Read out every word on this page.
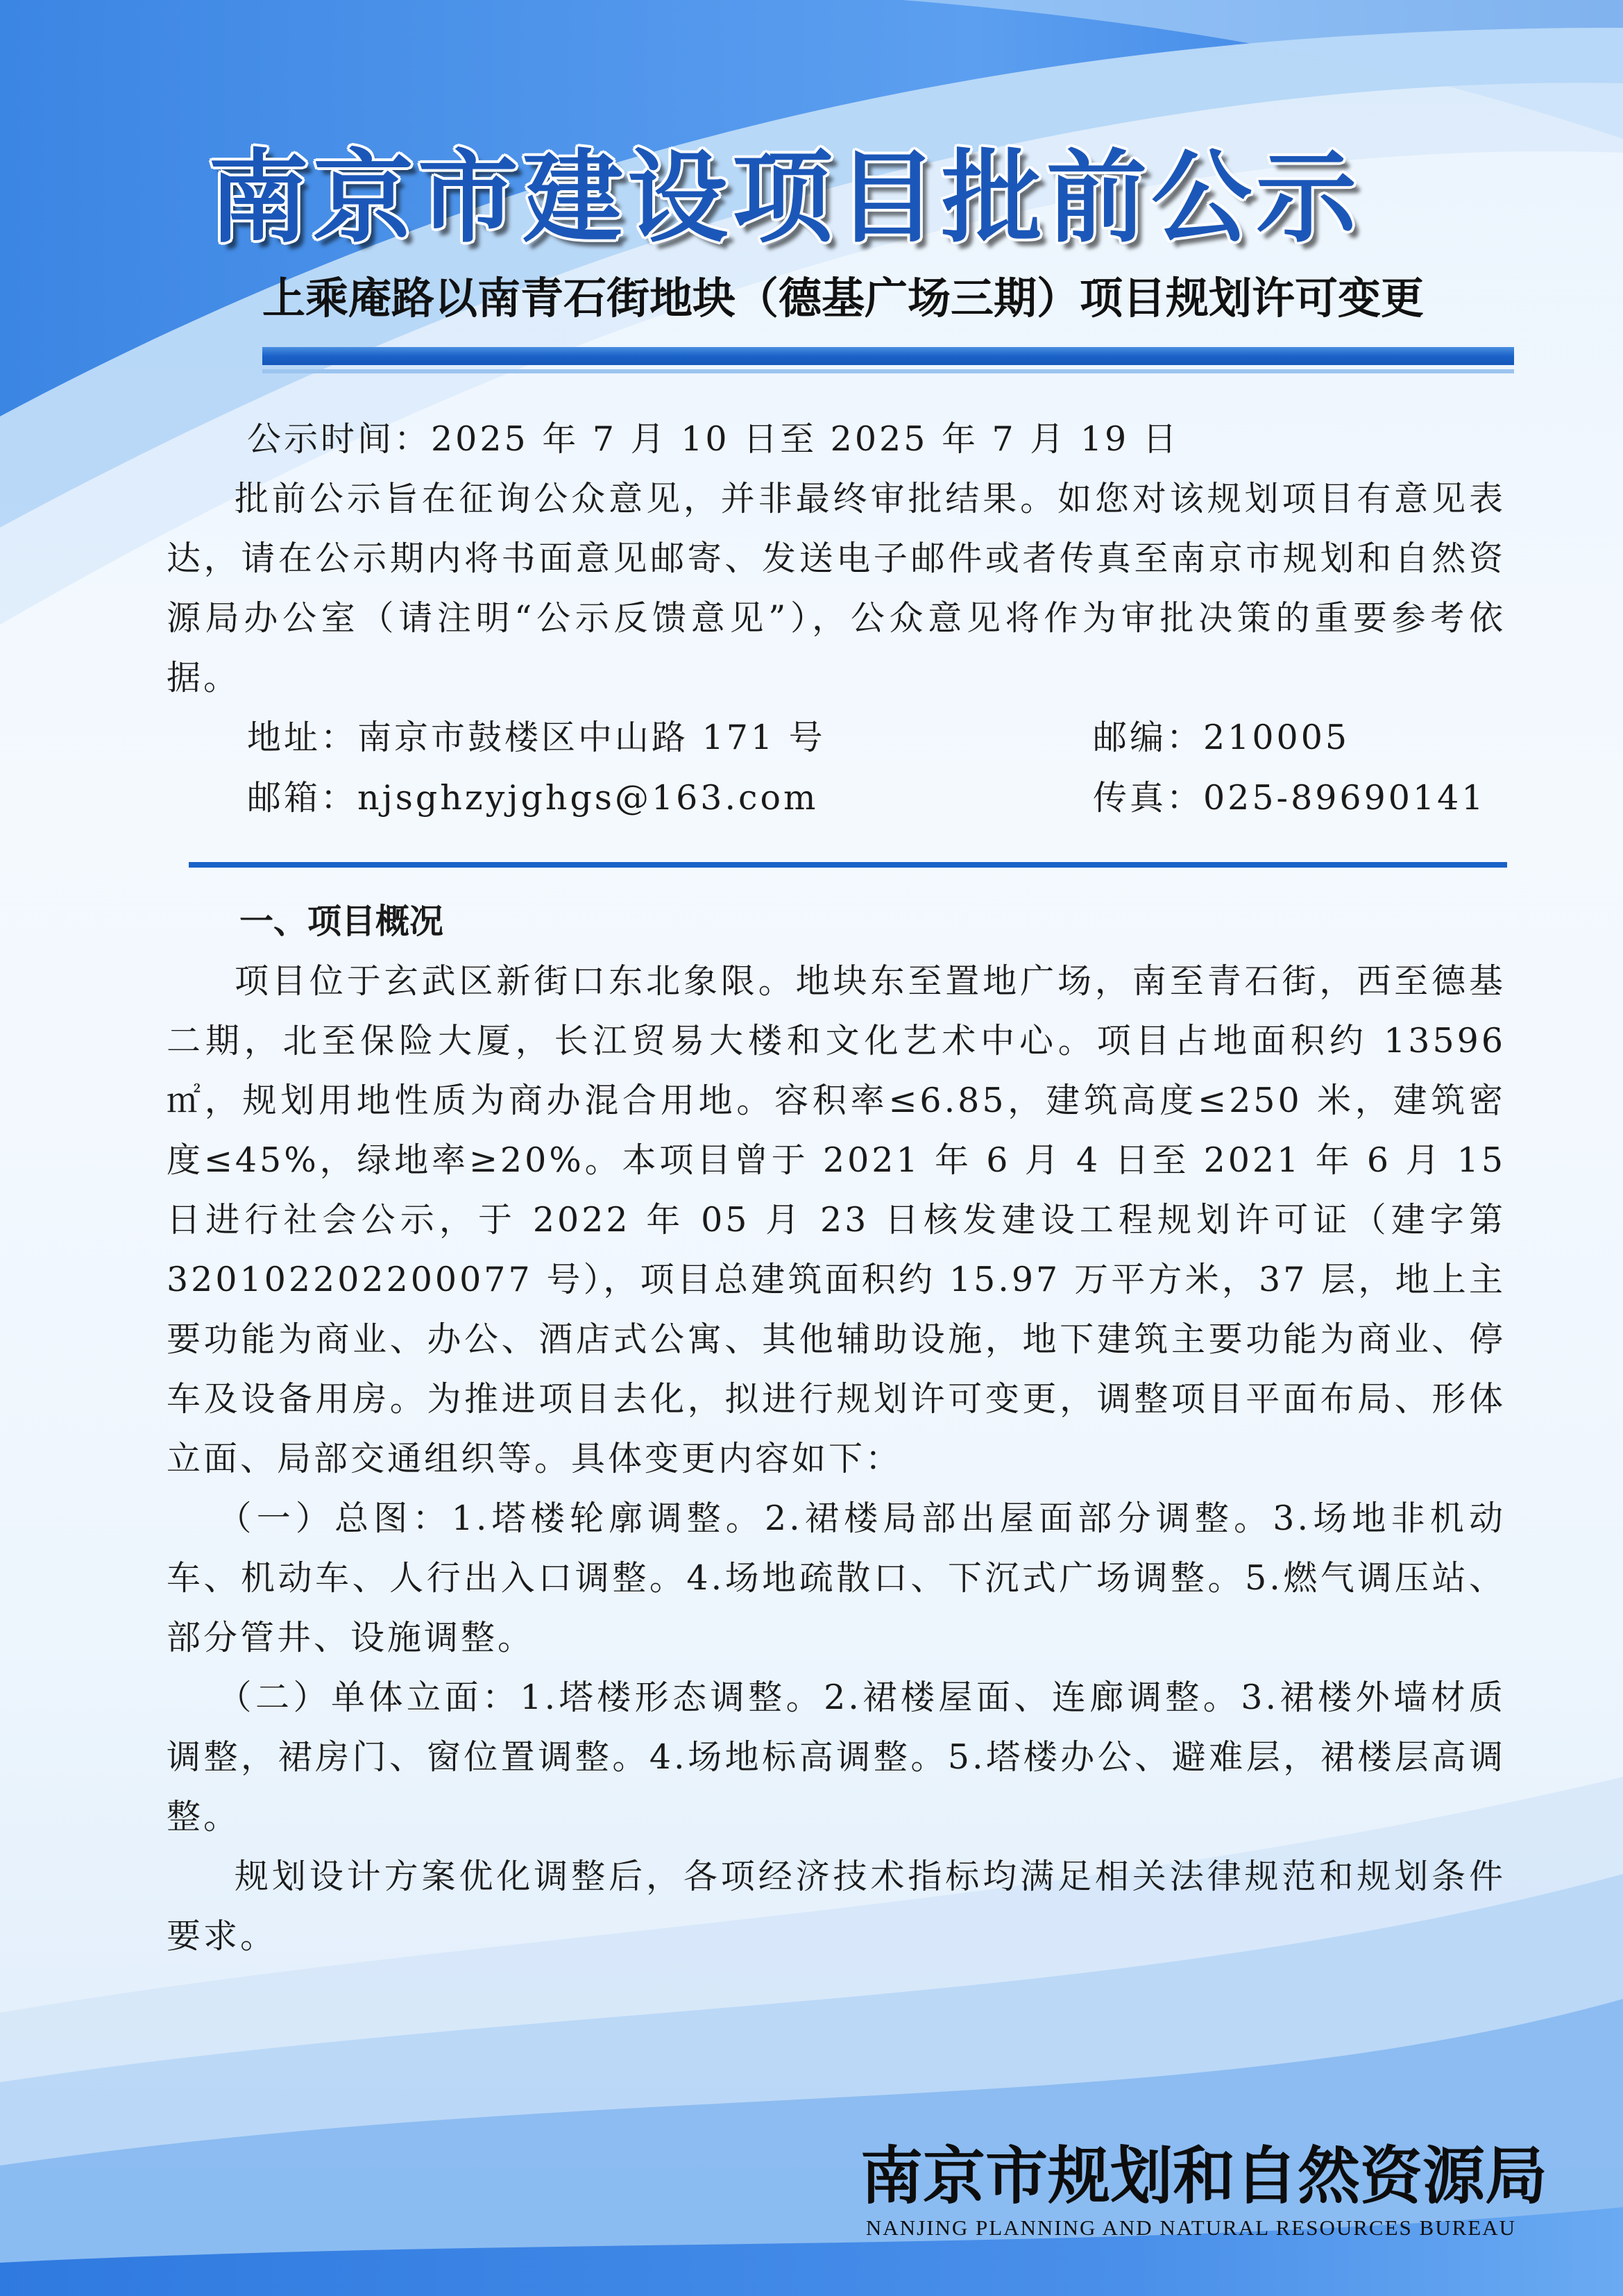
南京市建设项目批前公示
上乘庵路以南青石街地块（德基广场三期）项目规划许可变更

公示时间：2025 年 7 月 10 日至 2025 年 7 月 19 日

批前公示旨在征询公众意见，并非最终审批结果。如您对该规划项目有意见表达，请在公示期内将书面意见邮寄、发送电子邮件或者传真至南京市规划和自然资源局办公室（请注明“公示反馈意见”），公众意见将作为审批决策的重要参考依据。

地址：南京市鼓楼区中山路 171 号	邮编：210005

邮箱：njsghzyjghgs@163.com	传真：025-89690141

一、项目概况

项目位于玄武区新街口东北象限。地块东至置地广场，南至青石街，西至德基二期，北至保险大厦，长江贸易大楼和文化艺术中心。项目占地面积约 13596 ㎡，规划用地性质为商办混合用地。容积率≤6.85，建筑高度≤250 米，建筑密度≤45%，绿地率≥20%。本项目曾于 2021 年 6 月 4 日至 2021 年 6 月 15 日进行社会公示，于 2022 年 05 月 23 日核发建设工程规划许可证（建字第 320102202200077 号），项目总建筑面积约 15.97 万平方米，37 层，地上主要功能为商业、办公、酒店式公寓、其他辅助设施，地下建筑主要功能为商业、停车及设备用房。为推进项目去化，拟进行规划许可变更，调整项目平面布局、形体立面、局部交通组织等。具体变更内容如下：

（一）总图：1.塔楼轮廓调整。2.裙楼局部出屋面部分调整。3.场地非机动车、机动车、人行出入口调整。4.场地疏散口、下沉式广场调整。5.燃气调压站、部分管井、设施调整。

（二）单体立面：1.塔楼形态调整。2.裙楼屋面、连廊调整。3.裙楼外墙材质调整，裙房门、窗位置调整。4.场地标高调整。5.塔楼办公、避难层，裙楼层高调整。

规划设计方案优化调整后，各项经济技术指标均满足相关法律规范和规划条件要求。

南京市规划和自然资源局

NANJING PLANNING AND NATURAL RESOURCES BUREAU
